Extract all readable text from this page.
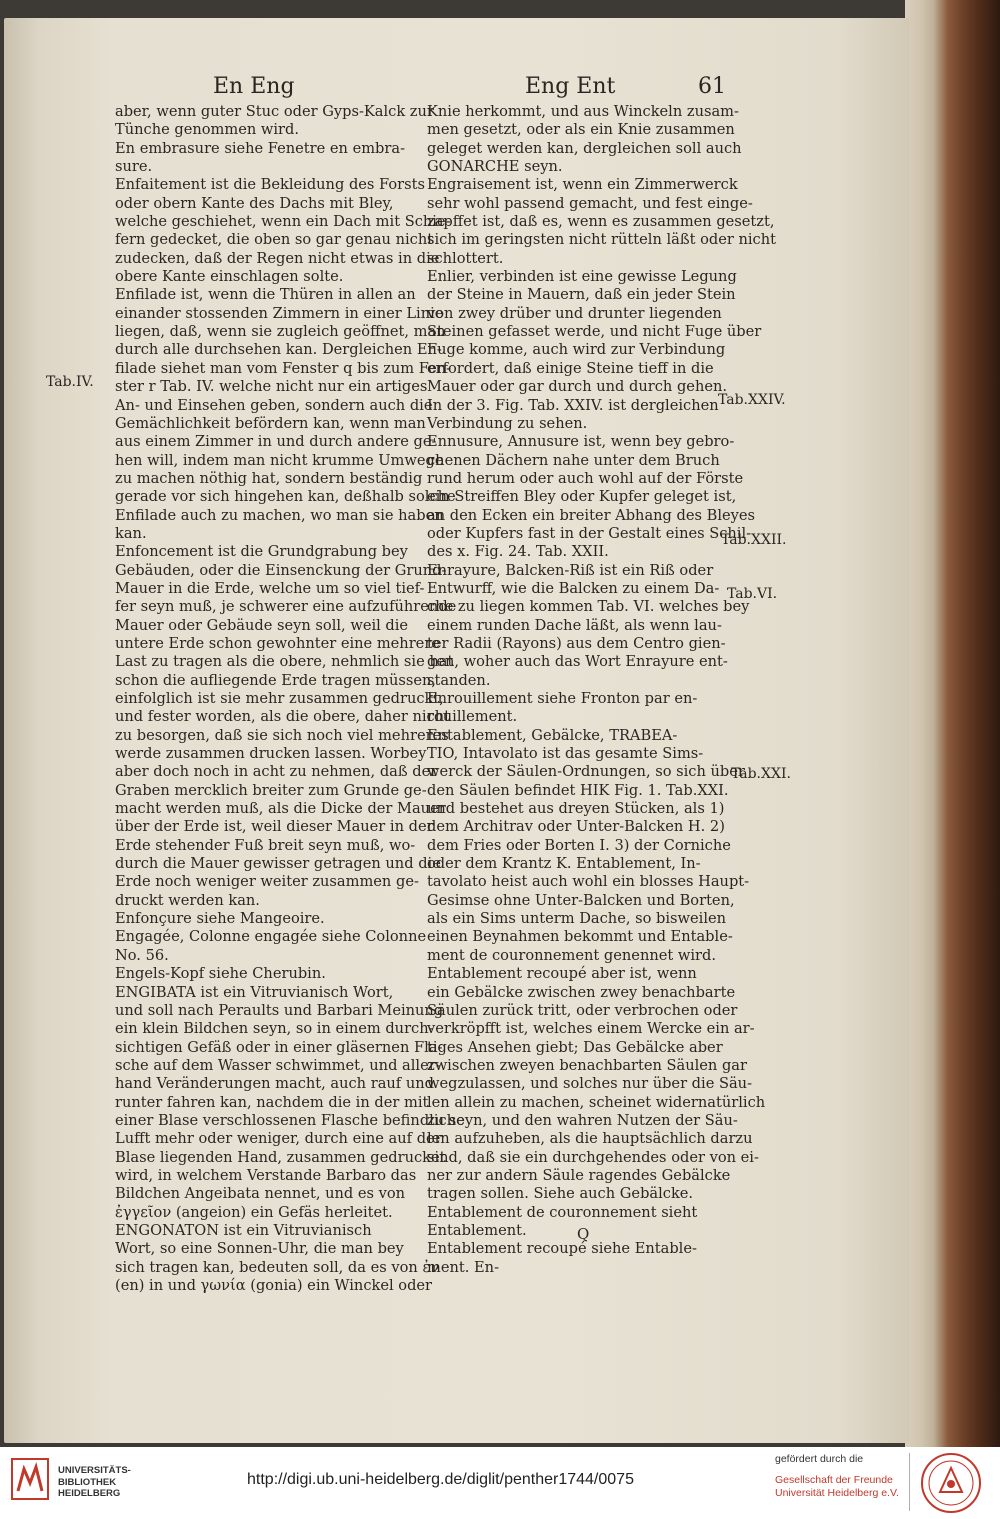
En Eng	Eng Ent	61
Tab.IV.
Tab.XXIV.
Tab.XXII.
Tab.VI.
Tab.XXI.
aber, wenn guter Stuc oder Gyps-Kalck zur
Tünche genommen wird.
En embrasure siehe Fenetre en embra-
sure.
Enfaitement ist die Bekleidung des Forsts
oder obern Kante des Dachs mit Bley,
welche geschiehet, wenn ein Dach mit Schie-
fern gedecket, die oben so gar genau nicht
zudecken, daß der Regen nicht etwas in die
obere Kante einschlagen solte.
Enfilade ist, wenn die Thüren in allen an
einander stossenden Zimmern in einer Linie
liegen, daß, wenn sie zugleich geöffnet, man
durch alle durchsehen kan. Dergleichen En-
filade siehet man vom Fenster q bis zum Fen-
ster r Tab. IV. welche nicht nur ein artiges
An- und Einsehen geben, sondern auch die
Gemächlichkeit befördern kan, wenn man
aus einem Zimmer in und durch andere ge-
hen will, indem man nicht krumme Umwege
zu machen nöthig hat, sondern beständig
gerade vor sich hingehen kan, deßhalb solche
Enfilade auch zu machen, wo man sie haben
kan.
Enfoncement ist die Grundgrabung bey
Gebäuden, oder die Einsenckung der Grund-
Mauer in die Erde, welche um so viel tief-
fer seyn muß, je schwerer eine aufzuführende
Mauer oder Gebäude seyn soll, weil die
untere Erde schon gewohnter eine mehrere
Last zu tragen als die obere, nehmlich sie hat
schon die aufliegende Erde tragen müssen,
einfolglich ist sie mehr zusammen gedruckt,
und fester worden, als die obere, daher nicht
zu besorgen, daß sie sich noch viel mehreres
werde zusammen drucken lassen. Worbey
aber doch noch in acht zu nehmen, daß der
Graben mercklich breiter zum Grunde ge-
macht werden muß, als die Dicke der Mauer
über der Erde ist, weil dieser Mauer in der
Erde stehender Fuß breit seyn muß, wo-
durch die Mauer gewisser getragen und die
Erde noch weniger weiter zusammen ge-
druckt werden kan.
Enfonçure siehe Mangeoire.
Engagée, Colonne engagée siehe Colonne
No. 56.
Engels-Kopf siehe Cherubin.
ENGIBATA ist ein Vitruvianisch Wort,
und soll nach Peraults und Barbari Meinung
ein klein Bildchen seyn, so in einem durch-
sichtigen Gefäß oder in einer gläsernen Fla-
sche auf dem Wasser schwimmet, und aller-
hand Veränderungen macht, auch rauf und
runter fahren kan, nachdem die in der mit
einer Blase verschlossenen Flasche befindliche
Lufft mehr oder weniger, durch eine auf der
Blase liegenden Hand, zusammen gedrucket
wird, in welchem Verstande Barbaro das
Bildchen Angeibata nennet, und es von
ἐγγεῖον (angeion) ein Gefäs herleitet.
ENGONATON ist ein Vitruvianisch
Wort, so eine Sonnen-Uhr, die man bey
sich tragen kan, bedeuten soll, da es von ἐν
(en) in und γωνία (gonia) ein Winckel oder
Knie herkommt, und aus Winckeln zusam-
men gesetzt, oder als ein Knie zusammen
geleget werden kan, dergleichen soll auch
GONARCHE seyn.
Engraisement ist, wenn ein Zimmerwerck
sehr wohl passend gemacht, und fest einge-
zapffet ist, daß es, wenn es zusammen gesetzt,
sich im geringsten nicht rütteln läßt oder nicht
schlottert.
Enlier, verbinden ist eine gewisse Legung
der Steine in Mauern, daß ein jeder Stein
von zwey drüber und drunter liegenden
Steinen gefasset werde, und nicht Fuge über
Fuge komme, auch wird zur Verbindung
erfordert, daß einige Steine tieff in die
Mauer oder gar durch und durch gehen.
In der 3. Fig. Tab. XXIV. ist dergleichen
Verbindung zu sehen.
Ennusure, Annusure ist, wenn bey gebro-
chenen Dächern nahe unter dem Bruch
rund herum oder auch wohl auf der Förste
ein Streiffen Bley oder Kupfer geleget ist,
an den Ecken ein breiter Abhang des Bleyes
oder Kupfers fast in der Gestalt eines Schil-
des x. Fig. 24. Tab. XXII.
Enrayure, Balcken-Riß ist ein Riß oder
Entwurff, wie die Balcken zu einem Da-
che zu liegen kommen Tab. VI. welches bey
einem runden Dache läßt, als wenn lau-
ter Radii (Rayons) aus dem Centro gien-
gen, woher auch das Wort Enrayure ent-
standen.
Enrouillement siehe Fronton par en-
rouillement.
Entablement, Gebälcke, TRABEA-
TIO, Intavolato ist das gesamte Sims-
werck der Säulen-Ordnungen, so sich über
den Säulen befindet HIK Fig. 1. Tab.XXI.
und bestehet aus dreyen Stücken, als 1)
dem Architrav oder Unter-Balcken H. 2)
dem Fries oder Borten I. 3) der Corniche
oder dem Krantz K. Entablement, In-
tavolato heist auch wohl ein blosses Haupt-
Gesimse ohne Unter-Balcken und Borten,
als ein Sims unterm Dache, so bisweilen
einen Beynahmen bekommt und Entable-
ment de couronnement genennet wird.
Entablement recoupé aber ist, wenn
ein Gebälcke zwischen zwey benachbarte
Säulen zurück tritt, oder verbrochen oder
verkröpfft ist, welches einem Wercke ein ar-
tiges Ansehen giebt; Das Gebälcke aber
zwischen zweyen benachbarten Säulen gar
wegzulassen, und solches nur über die Säu-
len allein zu machen, scheinet widernatürlich
zu seyn, und den wahren Nutzen der Säu-
len aufzuheben, als die hauptsächlich darzu
sind, daß sie ein durchgehendes oder von ei-
ner zur andern Säule ragendes Gebälcke
tragen sollen. Siehe auch Gebälcke.
Entablement de couronnement sieht
Entablement.
Entablement recoupé siehe Entable-
ment. En-
Q
UNIVERSITÄTS-
BIBLIOTHEK
HEIDELBERG
http://digi.ub.uni-heidelberg.de/diglit/penther1744/0075
gefördert durch die
Gesellschaft der Freunde
Universität Heidelberg e.V.
